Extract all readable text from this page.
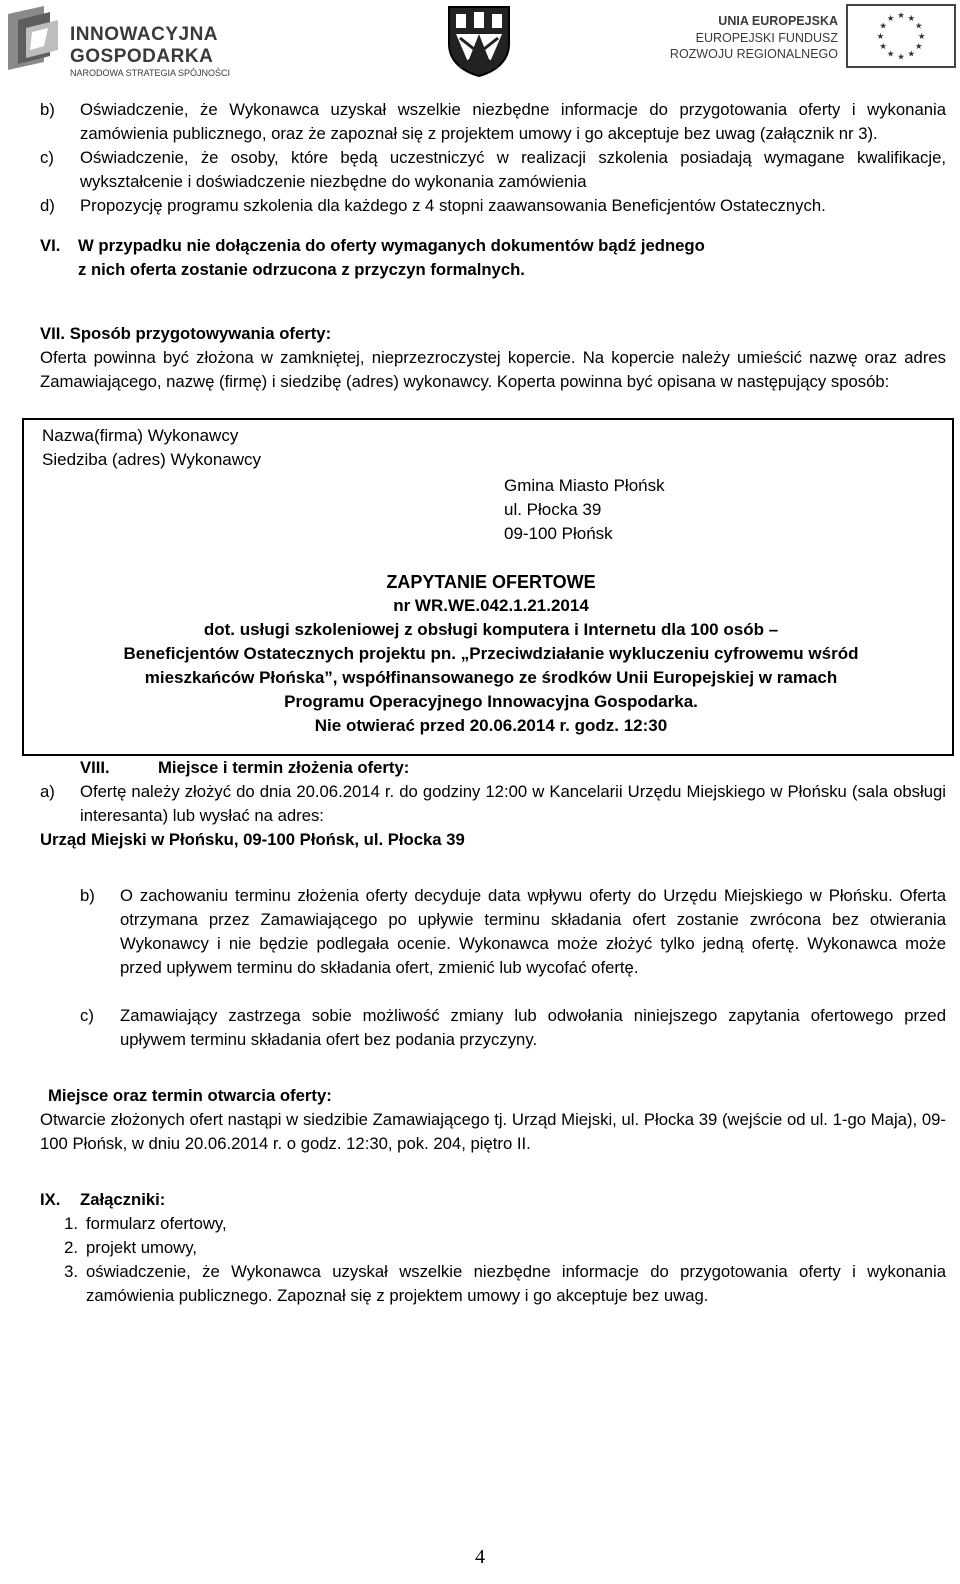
INNOWACYJNA
GOSPODARKA
NARODOWA STRATEGIA SPÓJNOŚCI
UNIA EUROPEJSKA
EUROPEJSKI FUNDUSZ
ROZWOJU REGIONALNEGO
★ ★
★
★
★
★
★
★
★
★
★
★
b)	Oświadczenie, że Wykonawca uzyskał wszelkie niezbędne informacje do przygotowania oferty i wykonania zamówienia publicznego, oraz że zapoznał się z projektem umowy i go akceptuje bez uwag (załącznik nr 3).
c)	Oświadczenie, że osoby, które będą uczestniczyć w realizacji szkolenia posiadają wymagane kwalifikacje, wykształcenie i doświadczenie niezbędne do wykonania zamówienia
d)	Propozycję programu szkolenia dla każdego z 4 stopni zaawansowania Beneficjentów Ostatecznych.
VI.	W przypadku nie dołączenia do oferty wymaganych dokumentów bądź jednego
z nich oferta zostanie odrzucona z przyczyn formalnych.
VII. Sposób przygotowywania oferty:

Oferta powinna być złożona w zamkniętej, nieprzezroczystej kopercie. Na kopercie należy umieścić nazwę oraz adres Zamawiającego, nazwę (firmę) i siedzibę (adres) wykonawcy. Koperta powinna być opisana w następujący sposób:

Nazwa(firma) Wykonawcy
Siedziba (adres) Wykonawcy
Gmina Miasto Płońsk
ul. Płocka 39
09-100 Płońsk
ZAPYTANIE OFERTOWE
nr WR.WE.042.1.21.2014
dot. usługi szkoleniowej z obsługi komputera i Internetu dla 100 osób –
Beneficjentów Ostatecznych projektu pn. „Przeciwdziałanie wykluczeniu cyfrowemu wśród
mieszkańców Płońska”, współfinansowanego ze środków Unii Europejskiej w ramach
Programu Operacyjnego Innowacyjna Gospodarka.
Nie otwierać przed 20.06.2014 r. godz. 12:30
VIII.	Miejsce i termin złożenia oferty:
a)	Ofertę należy złożyć do dnia 20.06.2014 r. do godziny 12:00 w Kancelarii Urzędu Miejskiego w Płońsku (sala obsługi interesanta) lub wysłać na adres:
Urząd Miejski w Płońsku, 09-100 Płońsk, ul. Płocka 39
b)	O zachowaniu terminu złożenia oferty decyduje data wpływu oferty do Urzędu Miejskiego w Płońsku. Oferta otrzymana przez Zamawiającego po upływie terminu składania ofert zostanie zwrócona bez otwierania Wykonawcy i nie będzie podlegała ocenie. Wykonawca może złożyć tylko jedną ofertę. Wykonawca może przed upływem terminu do składania ofert, zmienić lub wycofać ofertę.
c)	Zamawiający zastrzega sobie możliwość zmiany lub odwołania niniejszego zapytania ofertowego przed upływem terminu składania ofert bez podania przyczyny.
Miejsce oraz termin otwarcia oferty:

Otwarcie złożonych ofert nastąpi w siedzibie Zamawiającego tj. Urząd Miejski, ul. Płocka 39 (wejście od ul. 1-go Maja), 09-100 Płońsk, w dniu 20.06.2014 r. o godz. 12:30, pok. 204, piętro II.

IX. Załączniki:
1. formularz ofertowy,
2. projekt umowy,
3. oświadczenie, że Wykonawca uzyskał wszelkie niezbędne informacje do przygotowania oferty i wykonania zamówienia publicznego. Zapoznał się z projektem umowy i go akceptuje bez uwag.
4
